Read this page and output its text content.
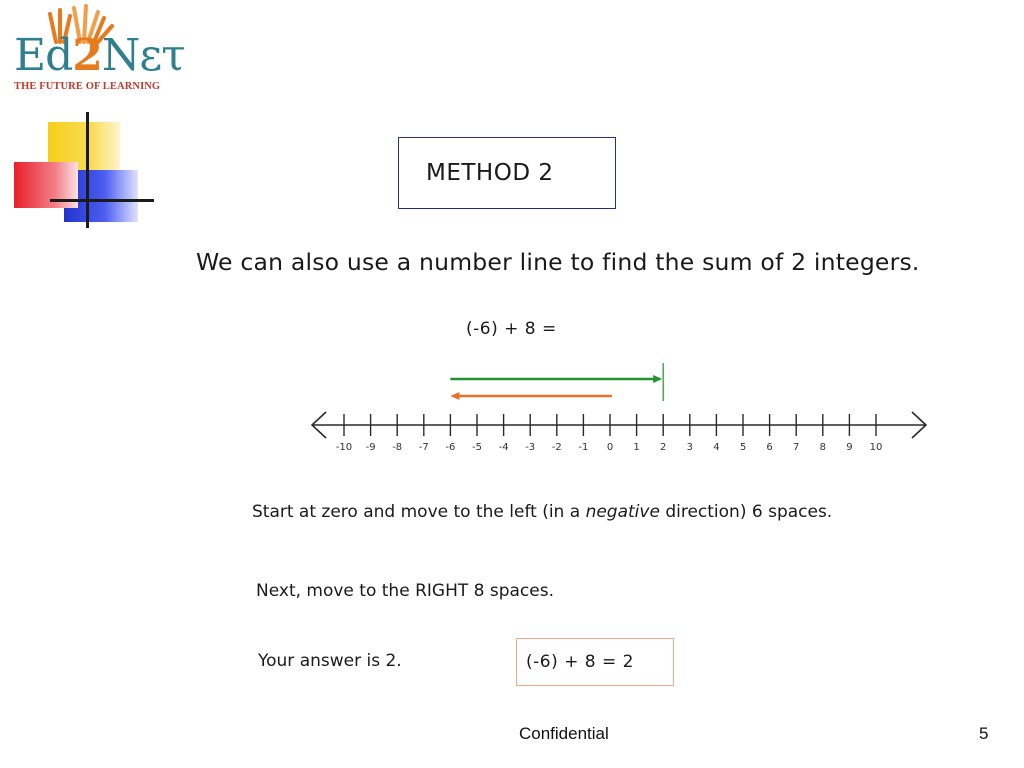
Ed2Nετ
THE FUTURE OF LEARNING
METHOD 2
We can also use a number line to find the sum of 2 integers.
(-6) + 8 =
-10 -9 -8 -7 -6 -5 -4 -3 -2 -1 0 1 2 3 4 5 6 7 8 9 10
Start at zero and move to the left (in a negative direction) 6 spaces.
Next, move to the RIGHT 8 spaces.
Your answer is 2.	(-6) + 8 = 2
Confidential	5
